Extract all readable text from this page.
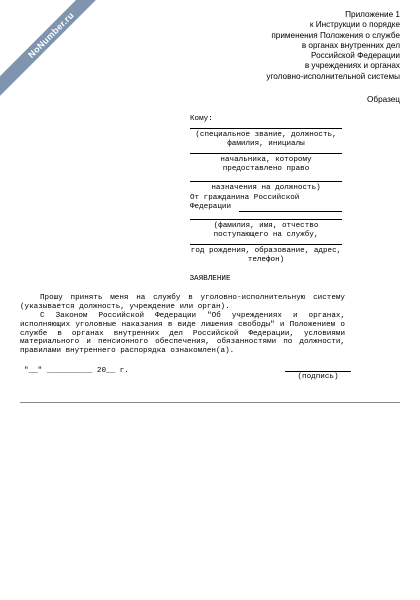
NoNumber.ru	Приложение 1
к Инструкции о порядке
применения Положения о службе
в органах внутренних дел
Российской Федерации
в учреждениях и органах
уголовно-исполнительной системы
Образец
Кому:
(специальное звание, должность, фамилия, инициалы
начальника, которому предоставлено право
назначения на должность)
От гражданина Российской
Федерации
(фамилия, имя, отчество поступающего на службу,
год рождения, образование, адрес, телефон)
ЗАЯВЛЕНИЕ
Прошу принять меня на службу в уголовно-исполнительную систему (указывается должность, учреждение или орган).
С Законом Российской Федерации "Об учреждениях и органах, исполняющих уголовные наказания в виде лишения свободы" и Положением о службе в органах внутренних дел Российской Федерации, условиями материального и пенсионного обеспечения, обязанностями по должности, правилами внутреннего распорядка ознакомлен(а).
"__" __________ 20__ г.
(подпись)
